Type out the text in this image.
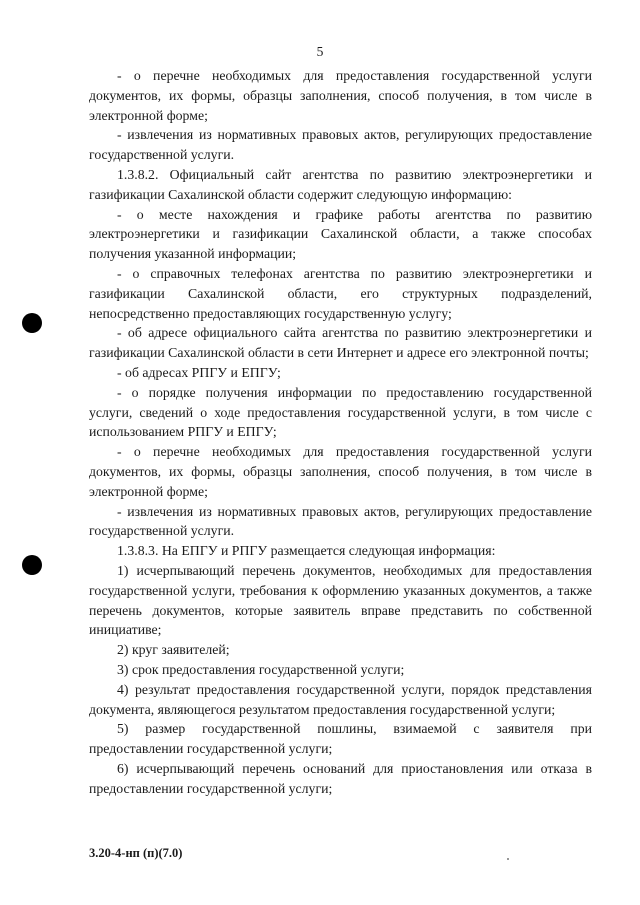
5

- о перечне необходимых для предоставления государственной услуги документов, их формы, образцы заполнения, способ получения, в том числе в электронной форме;

- извлечения из нормативных правовых актов, регулирующих предоставление государственной услуги.

1.3.8.2. Официальный сайт агентства по развитию электроэнергетики и газификации Сахалинской области содержит следующую информацию:

- о месте нахождения и графике работы агентства по развитию электроэнергетики и газификации Сахалинской области, а также способах получения указанной информации;

- о справочных телефонах агентства по развитию электроэнергетики и газификации Сахалинской области, его структурных подразделений, непосредственно предоставляющих государственную услугу;

- об адресе официального сайта агентства по развитию электроэнергетики и газификации Сахалинской области в сети Интернет и адресе его электронной почты;

- об адресах РПГУ и ЕПГУ;

- о порядке получения информации по предоставлению государственной услуги, сведений о ходе предоставления государственной услуги, в том числе с использованием РПГУ и ЕПГУ;

- о перечне необходимых для предоставления государственной услуги документов, их формы, образцы заполнения, способ получения, в том числе в электронной форме;

- извлечения из нормативных правовых актов, регулирующих предоставление государственной услуги.

1.3.8.3. На ЕПГУ и РПГУ размещается следующая информация:

1) исчерпывающий перечень документов, необходимых для предоставления государственной услуги, требования к оформлению указанных документов, а также перечень документов, которые заявитель вправе представить по собственной инициативе;

2) круг заявителей;

3) срок предоставления государственной услуги;

4) результат предоставления государственной услуги, порядок представления документа, являющегося результатом предоставления государственной услуги;

5) размер государственной пошлины, взимаемой с заявителя при предоставлении государственной услуги;

6) исчерпывающий перечень оснований для приостановления или отказа в предоставлении государственной услуги;

3.20-4-нп (п)(7.0)
